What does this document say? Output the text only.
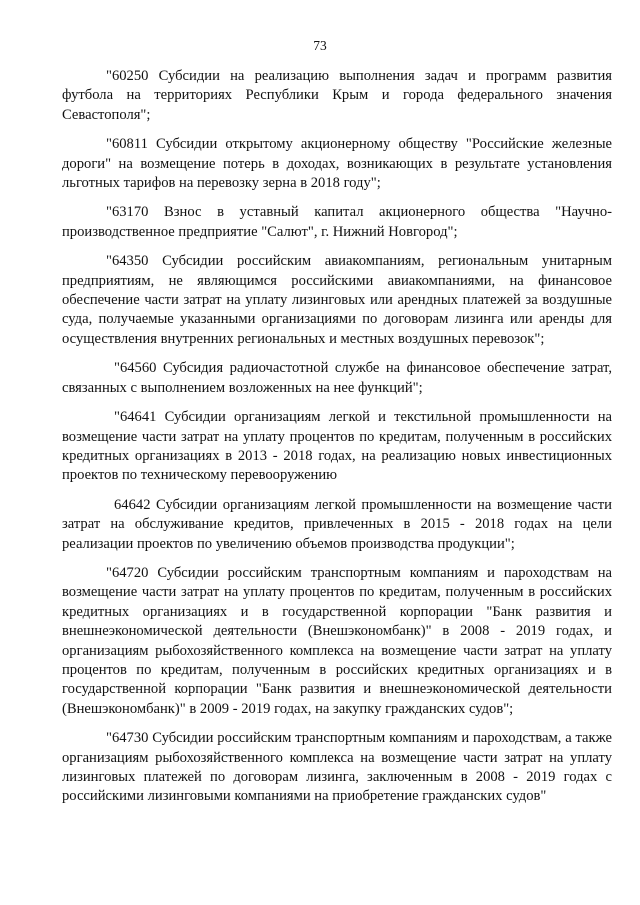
73

"60250 Субсидии на реализацию выполнения задач и программ развития футбола на территориях Республики Крым и города федерального значения Севастополя";

"60811 Субсидии открытому акционерному обществу "Российские железные дороги" на возмещение потерь в доходах, возникающих в результате установления льготных тарифов на перевозку зерна в 2018 году";

"63170 Взнос в уставный капитал акционерного общества "Научно-производственное предприятие "Салют", г. Нижний Новгород";

"64350 Субсидии российским авиакомпаниям, региональным унитарным предприятиям, не являющимся российскими авиакомпаниями, на финансовое обеспечение части затрат на уплату лизинговых или арендных платежей за воздушные суда, получаемые указанными организациями по договорам лизинга или аренды для осуществления внутренних региональных и местных воздушных перевозок";

"64560 Субсидия радиочастотной службе на финансовое обеспечение затрат, связанных с выполнением возложенных на нее функций";

"64641 Субсидии организациям легкой и текстильной промышленности на возмещение части затрат на уплату процентов по кредитам, полученным в российских кредитных организациях в 2013 - 2018 годах, на реализацию новых инвестиционных проектов по техническому перевооружению

64642 Субсидии организациям легкой промышленности на возмещение части затрат на обслуживание кредитов, привлеченных в 2015 - 2018 годах на цели реализации проектов по увеличению объемов производства продукции";

"64720 Субсидии российским транспортным компаниям и пароходствам на возмещение части затрат на уплату процентов по кредитам, полученным в российских кредитных организациях и в государственной корпорации "Банк развития и внешнеэкономической деятельности (Внешэкономбанк)" в 2008 - 2019 годах, и организациям рыбохозяйственного комплекса на возмещение части затрат на уплату процентов по кредитам, полученным в российских кредитных организациях и в государственной корпорации "Банк развития и внешнеэкономической деятельности (Внешэкономбанк)" в 2009 - 2019 годах, на закупку гражданских судов";

"64730 Субсидии российским транспортным компаниям и пароходствам, а также организациям рыбохозяйственного комплекса на возмещение части затрат на уплату лизинговых платежей по договорам лизинга, заключенным в 2008 - 2019 годах с российскими лизинговыми компаниями на приобретение гражданских судов"
